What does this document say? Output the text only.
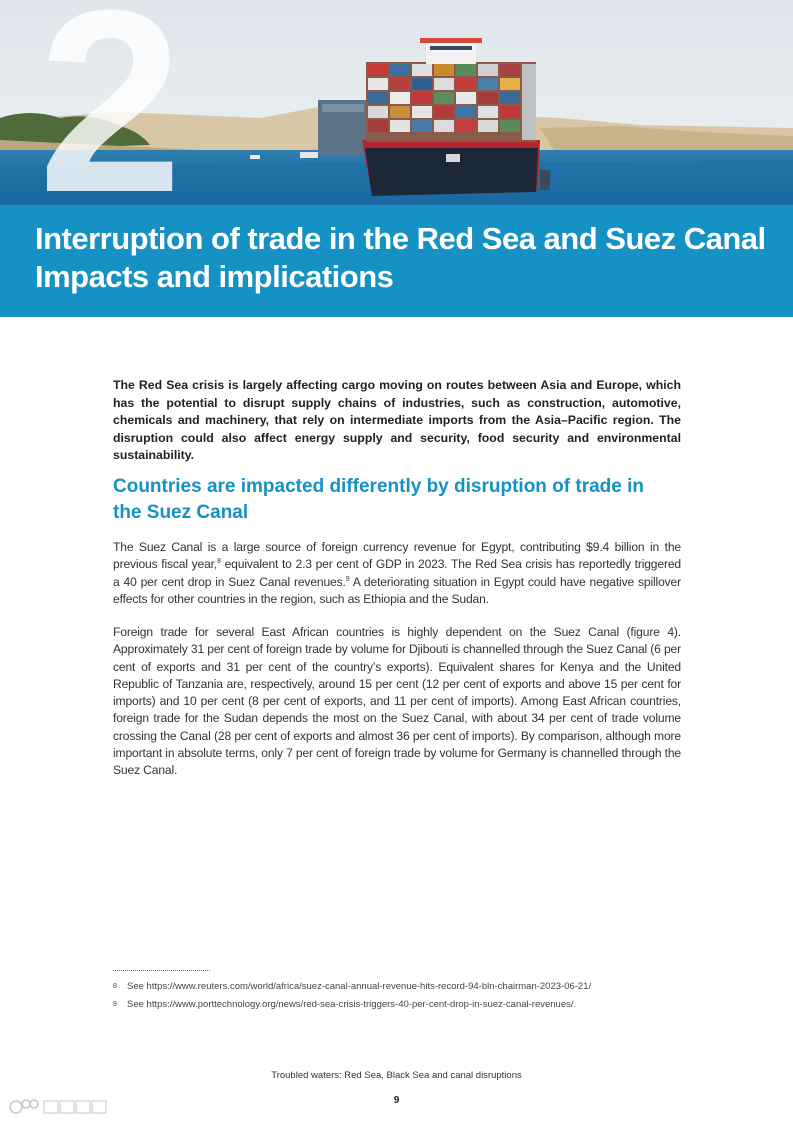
2
Interruption of trade in the Red Sea and Suez Canal
Impacts and implications

The Red Sea crisis is largely affecting cargo moving on routes between Asia and Europe, which has the potential to disrupt supply chains of industries, such as construction, automotive, chemicals and machinery, that rely on intermediate imports from the Asia–Pacific region. The disruption could also affect energy supply and security, food security and environmental sustainability.

Countries are impacted differently by disruption of trade in
the Suez Canal

The Suez Canal is a large source of foreign currency revenue for Egypt, contributing $9.4 billion in the previous fiscal year,$^8$ equivalent to 2.3 per cent of GDP in 2023. The Red Sea crisis has reportedly triggered a 40 per cent drop in Suez Canal revenues.$^9$ A deteriorating situation in Egypt could have negative spillover effects for other countries in the region, such as Ethiopia and the Sudan.

Foreign trade for several East African countries is highly dependent on the Suez Canal (figure 4). Approximately 31 per cent of foreign trade by volume for Djibouti is channelled through the Suez Canal (6 per cent of exports and 31 per cent of the country’s exports). Equivalent shares for Kenya and the United Republic of Tanzania are, respectively, around 15 per cent (12 per cent of exports and above 15 per cent for imports) and 10 per cent (8 per cent of exports, and 11 per cent of imports). Among East African countries, foreign trade for the Sudan depends the most on the Suez Canal, with about 34 per cent of trade volume crossing the Canal (28 per cent of exports and almost 36 per cent of imports). By comparison, although more important in absolute terms, only 7 per cent of foreign trade by volume for Germany is channelled through the Suez Canal.

8 See https://www.reuters.com/world/africa/suez-canal-annual-revenue-hits-record-94-bln-chairman-2023-06-21/
9 See https://www.porttechnology.org/news/red-sea-crisis-triggers-40-per-cent-drop-in-suez-canal-revenues/.
Troubled waters: Red Sea, Black Sea and canal disruptions
9
